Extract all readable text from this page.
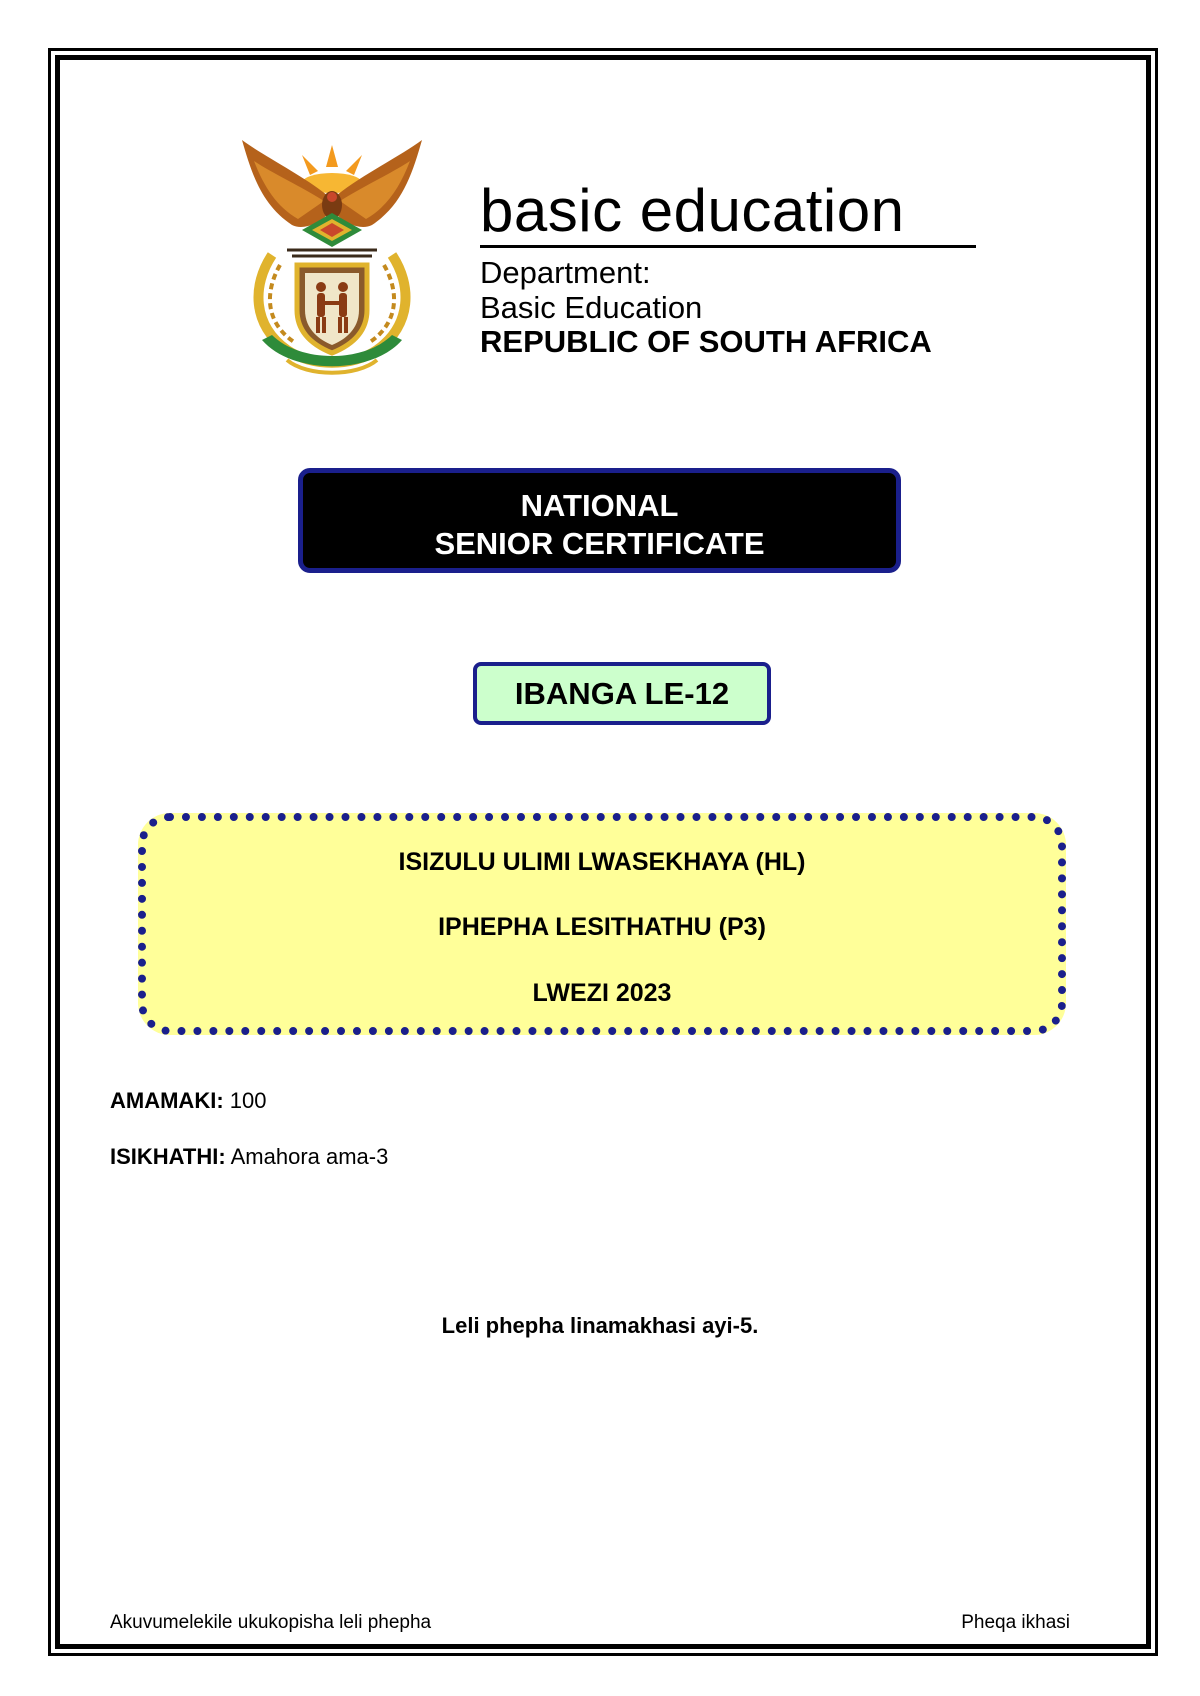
basic education

Department:

Basic Education

REPUBLIC OF SOUTH AFRICA

NATIONAL
SENIOR CERTIFICATE
IBANGA LE-12

ISIZULU ULIMI LWASEKHAYA (HL)

IPHEPHA LESITHATHU (P3)

LWEZI 2023

AMAMAKI: 100

ISIKHATHI: Amahora ama-3

Leli phepha linamakhasi ayi-5.

Akuvumelekile ukukopisha leli phepha	Pheqa ikhasi
